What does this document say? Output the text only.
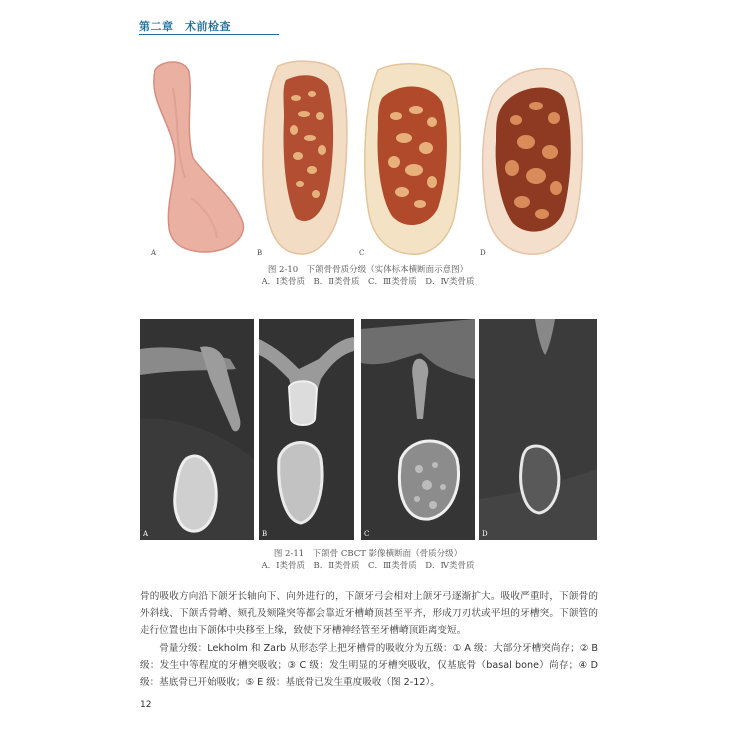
第二章　术前检查
A	B	C	D
图 2-10　下颌骨骨质分级（实体标本横断面示意图）
A．Ⅰ类骨质　B．Ⅱ类骨质　C．Ⅲ类骨质　D．Ⅳ类骨质
A	B	C	D
图 2-11　下颌骨 CBCT 影像横断面（骨质分级）
A．Ⅰ类骨质　B．Ⅱ类骨质　C．Ⅲ类骨质　D．Ⅳ类骨质

骨的吸收方向沿下颌牙长轴向下、向外进行的，下颌牙弓会相对上颌牙弓逐渐扩大。吸收严重时，下颌骨的外斜线、下颌舌骨嵴、颏孔及颏隆突等都会靠近牙槽嵴顶甚至平齐，形成刀刃状或平坦的牙槽突。下颌管的走行位置也由下颌体中央移至上缘，致使下牙槽神经管至牙槽嵴顶距离变短。

骨量分级：Lekholm 和 Zarb 从形态学上把牙槽骨的吸收分为五级：① A 级：大部分牙槽突尚存；② B 级：发生中等程度的牙槽突吸收；③ C 级：发生明显的牙槽突吸收，仅基底骨（basal bone）尚存；④ D 级：基底骨已开始吸收；⑤ E 级：基底骨已发生重度吸收（图 2-12）。

12
